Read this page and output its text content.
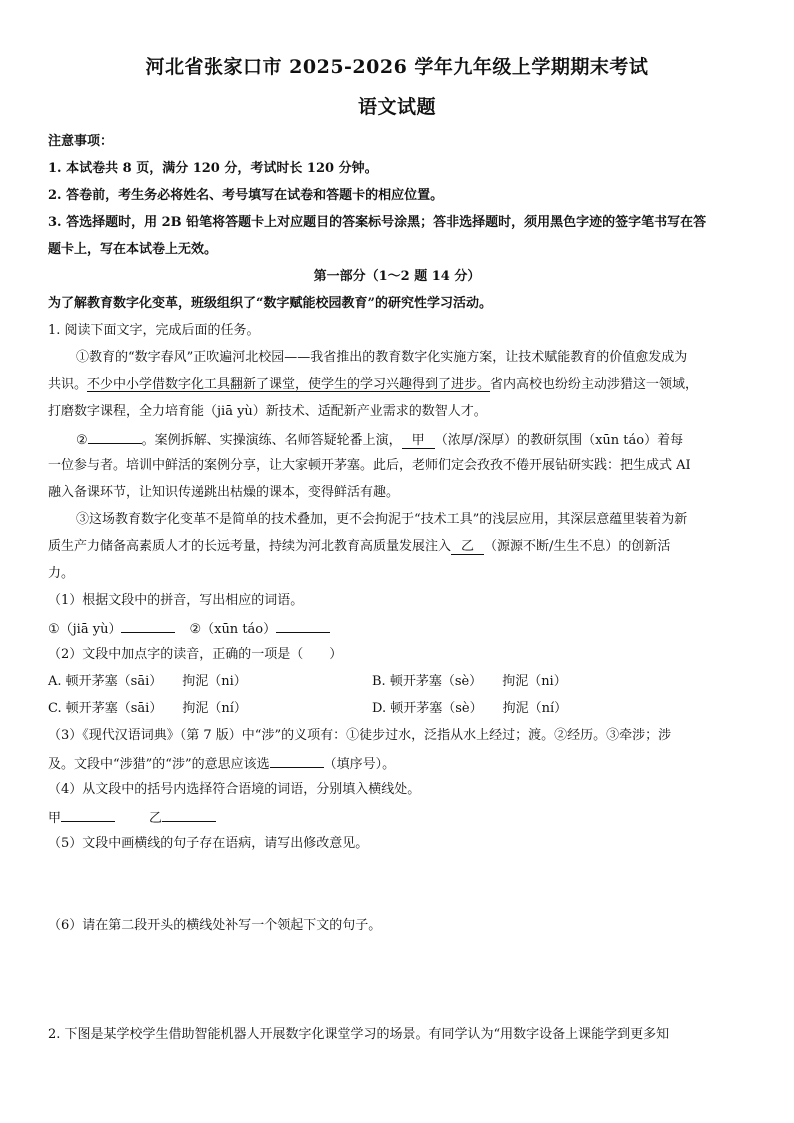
河北省张家口市 2025-2026 学年九年级上学期期末考试
语文试题
注意事项：
1. 本试卷共 8 页，满分 120 分，考试时长 120 分钟。
2. 答卷前，考生务必将姓名、考号填写在试卷和答题卡的相应位置。
3. 答选择题时，用 2B 铅笔将答题卡上对应题目的答案标号涂黑；答非选择题时，须用黑色字迹的签字笔书写在答
题卡上，写在本试卷上无效。
第一部分（1～2 题 14 分）
为了解教育数字化变革，班级组织了“数字赋能校园教育”的研究性学习活动。
1. 阅读下面文字，完成后面的任务。
①教育的“数字春风”正吹遍河北校园——我省推出的教育数字化实施方案，让技术赋能教育的价值愈发成为
共识。不少中小学借数字化工具翻新了课堂，使学生的学习兴趣得到了进步。省内高校也纷纷主动涉猎这一领域，
打磨数字课程，全力培育能（jiā yù）新技术、适配新产业需求的数智人才。
②	。案例拆解、实操演练、名师答疑轮番上演， 甲 （浓厚/深厚）的教研氛围（xūn táo）着每
一位参与者。培训中鲜活的案例分享，让大家顿开茅塞。此后，老师们定会孜孜不倦开展钻研实践：把生成式 AI
融入备课环节，让知识传递跳出枯燥的课本，变得鲜活有趣。
③这场教育数字化变革不是简单的技术叠加，更不会拘泥于“技术工具”的浅层应用，其深层意蕴里装着为新
质生产力储备高素质人才的长远考量，持续为河北教育高质量发展注入 乙 （源源不断/生生不息）的创新活
力。
（1）根据文段中的拼音，写出相应的词语。
①（jiā yù）	②（xūn táo）
（2）文段中加点字的读音，正确的一项是（　　）
A. 顿开茅塞（sāi） 拘泥（ni）	B. 顿开茅塞（sè） 拘泥（ni）
C. 顿开茅塞（sāi） 拘泥（ní）	D. 顿开茅塞（sè） 拘泥（ní）
（3）《现代汉语词典》（第 7 版）中“涉”的义项有：①徒步过水，泛指从水上经过；渡。②经历。③牵涉；涉
及。文段中“涉猎”的“涉”的意思应该选	（填序号）。
（4）从文段中的括号内选择符合语境的词语，分别填入横线处。
甲	乙
（5）文段中画横线的句子存在语病，请写出修改意见。
（6）请在第二段开头的横线处补写一个领起下文的句子。
2. 下图是某学校学生借助智能机器人开展数字化课堂学习的场景。有同学认为“用数字设备上课能学到更多知
